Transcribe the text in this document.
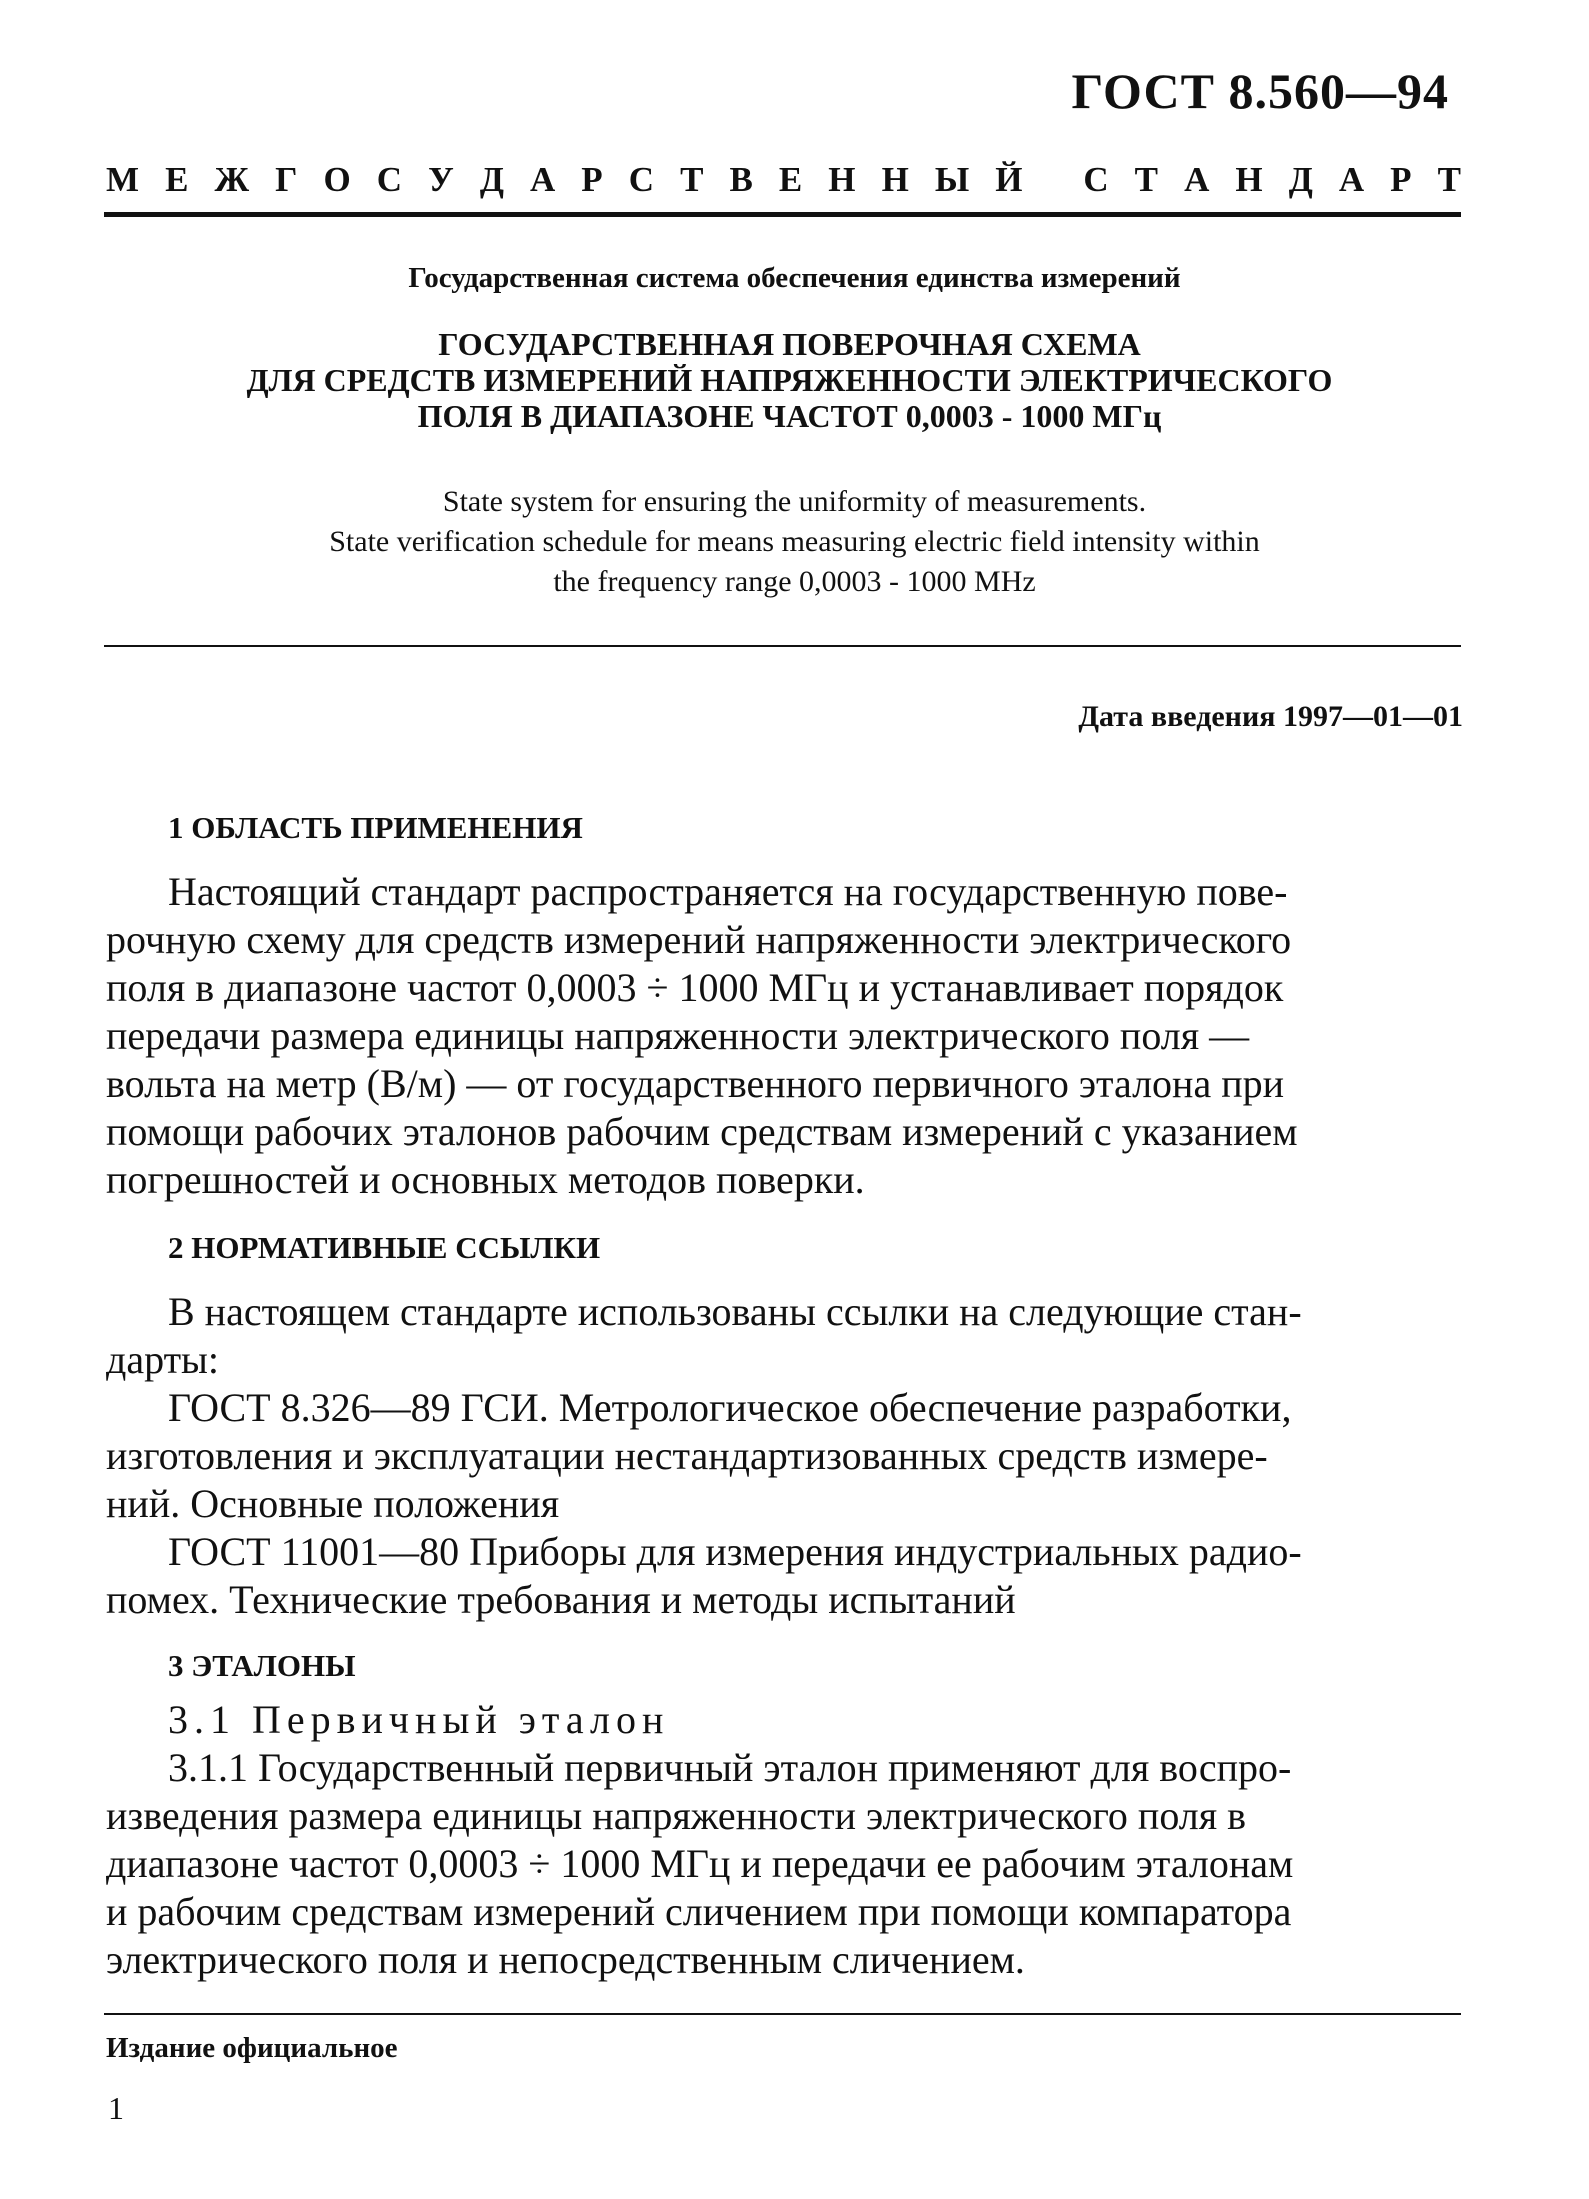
ГОСТ 8.560—94
М Е Ж Г О С У Д А Р С Т В Е Н Н Ы Й
С Т А Н Д А Р Т
Государственная система обеспечения единства измерений
ГОСУДАРСТВЕННАЯ ПОВЕРОЧНАЯ СХЕМА
ДЛЯ СРЕДСТВ ИЗМЕРЕНИЙ НАПРЯЖЕННОСТИ ЭЛЕКТРИЧЕСКОГО
ПОЛЯ В ДИАПАЗОНЕ ЧАСТОТ 0,0003 - 1000 МГц
State system for ensuring the uniformity of measurements.
State verification schedule for means measuring electric field intensity within
the frequency range 0,0003 - 1000 MHz
Дата введения 1997—01—01
1 ОБЛАСТЬ ПРИМЕНЕНИЯ
Настоящий стандарт распространяется на государственную пове-
рочную схему для средств измерений напряженности электрического
поля в диапазоне частот 0,0003 ÷ 1000 МГц и устанавливает порядок
передачи размера единицы напряженности электрического поля —
вольта на метр (В/м) — от государственного первичного эталона при
помощи рабочих эталонов рабочим средствам измерений с указанием
погрешностей и основных методов поверки.
2 НОРМАТИВНЫЕ ССЫЛКИ
В настоящем стандарте использованы ссылки на следующие стан-
дарты:
ГОСТ 8.326—89 ГСИ. Метрологическое обеспечение разработки,
изготовления и эксплуатации нестандартизованных средств измере-
ний. Основные положения
ГОСТ 11001—80 Приборы для измерения индустриальных радио-
помех. Технические требования и методы испытаний
3 ЭТАЛОНЫ
3.1 Первичный эталон
3.1.1 Государственный первичный эталон применяют для воспро-
изведения размера единицы напряженности электрического поля в
диапазоне частот 0,0003 ÷ 1000 МГц и передачи ее рабочим эталонам
и рабочим средствам измерений сличением при помощи компаратора
электрического поля и непосредственным сличением.
Издание официальное
1
